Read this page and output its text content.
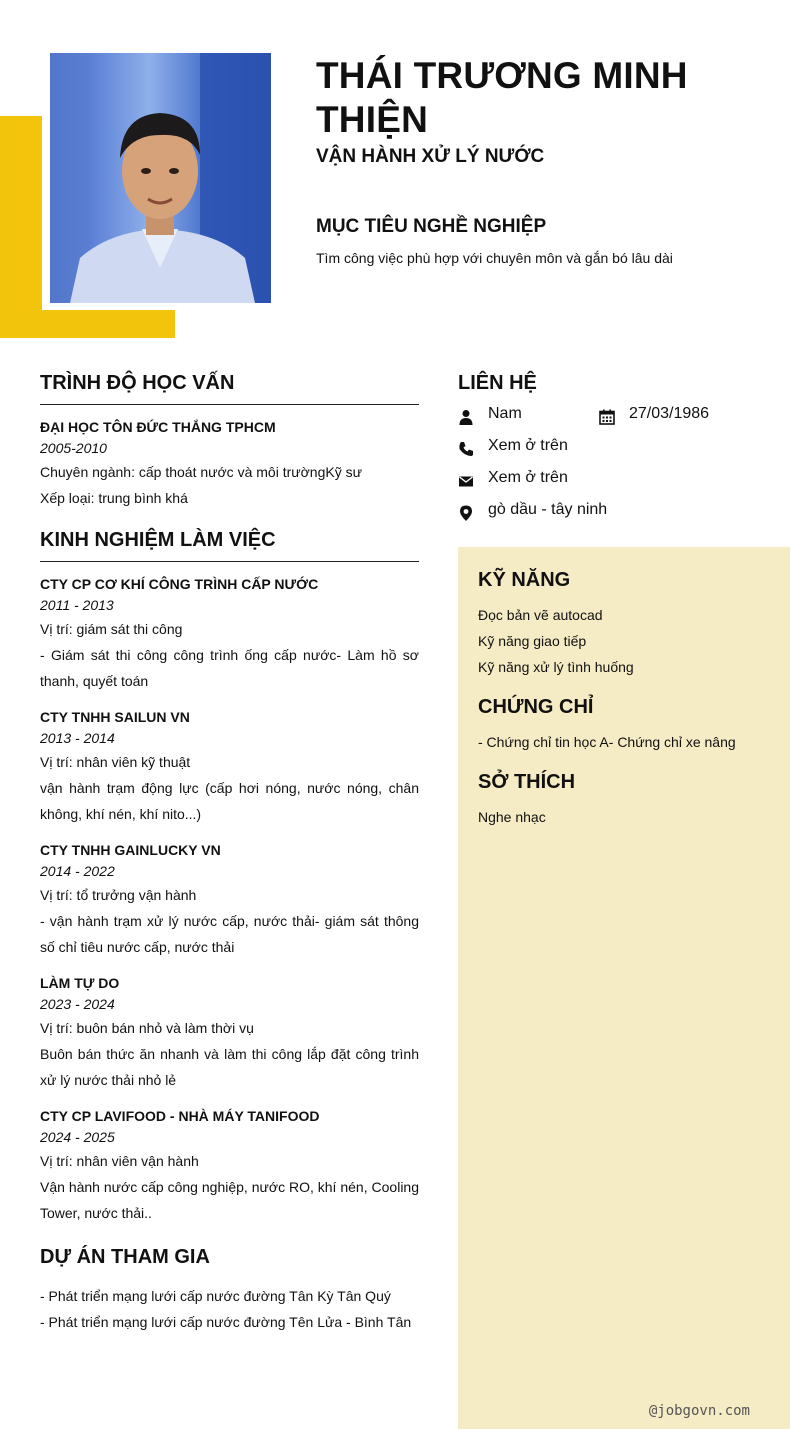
THÁI TRƯƠNG MINH THIỆN
VẬN HÀNH XỬ LÝ NƯỚC
MỤC TIÊU NGHỀ NGHIỆP
Tìm công việc phù hợp với chuyên môn và gắn bó lâu dài
TRÌNH ĐỘ HỌC VẤN
ĐẠI HỌC TÔN ĐỨC THẮNG TPHCM
2005-2010
Chuyên ngành: cấp thoát nước và môi trườngKỹ sư
Xếp loại: trung bình khá
KINH NGHIỆM LÀM VIỆC
CTY CP CƠ KHÍ CÔNG TRÌNH CẤP NƯỚC
2011 - 2013
Vị trí: giám sát thi công
- Giám sát thi công công trình ống cấp nước- Làm hồ sơ thanh, quyết toán
CTY TNHH SAILUN VN
2013 - 2014
Vị trí: nhân viên kỹ thuật
vận hành trạm động lực (cấp hơi nóng, nước nóng, chân không, khí nén, khí nito...)
CTY TNHH GAINLUCKY VN
2014 - 2022
Vị trí: tổ trưởng vận hành
- vận hành trạm xử lý nước cấp, nước thải- giám sát thông số chỉ tiêu nước cấp, nước thải
LÀM TỰ DO
2023 - 2024
Vị trí: buôn bán nhỏ và làm thời vụ
Buôn bán thức ăn nhanh và làm thi công lắp đặt công trình xử lý nước thải nhỏ lẻ
CTY CP LAVIFOOD - NHÀ MÁY TANIFOOD
2024 - 2025
Vị trí: nhân viên vận hành
Vận hành nước cấp công nghiệp, nước RO, khí nén, Cooling Tower, nước thải..
DỰ ÁN THAM GIA
- Phát triển mạng lưới cấp nước đường Tân Kỳ Tân Quý
- Phát triển mạng lưới cấp nước đường Tên Lửa - Bình Tân
LIÊN HỆ
Nam	27/03/1986
Xem ở trên
Xem ở trên
gò dầu - tây ninh
KỸ NĂNG
Đọc bản vẽ autocad
Kỹ năng giao tiếp
Kỹ năng xử lý tình huống
CHỨNG CHỈ
- Chứng chỉ tin học A- Chứng chỉ xe nâng
SỞ THÍCH
Nghe nhạc
@jobgovn.com
